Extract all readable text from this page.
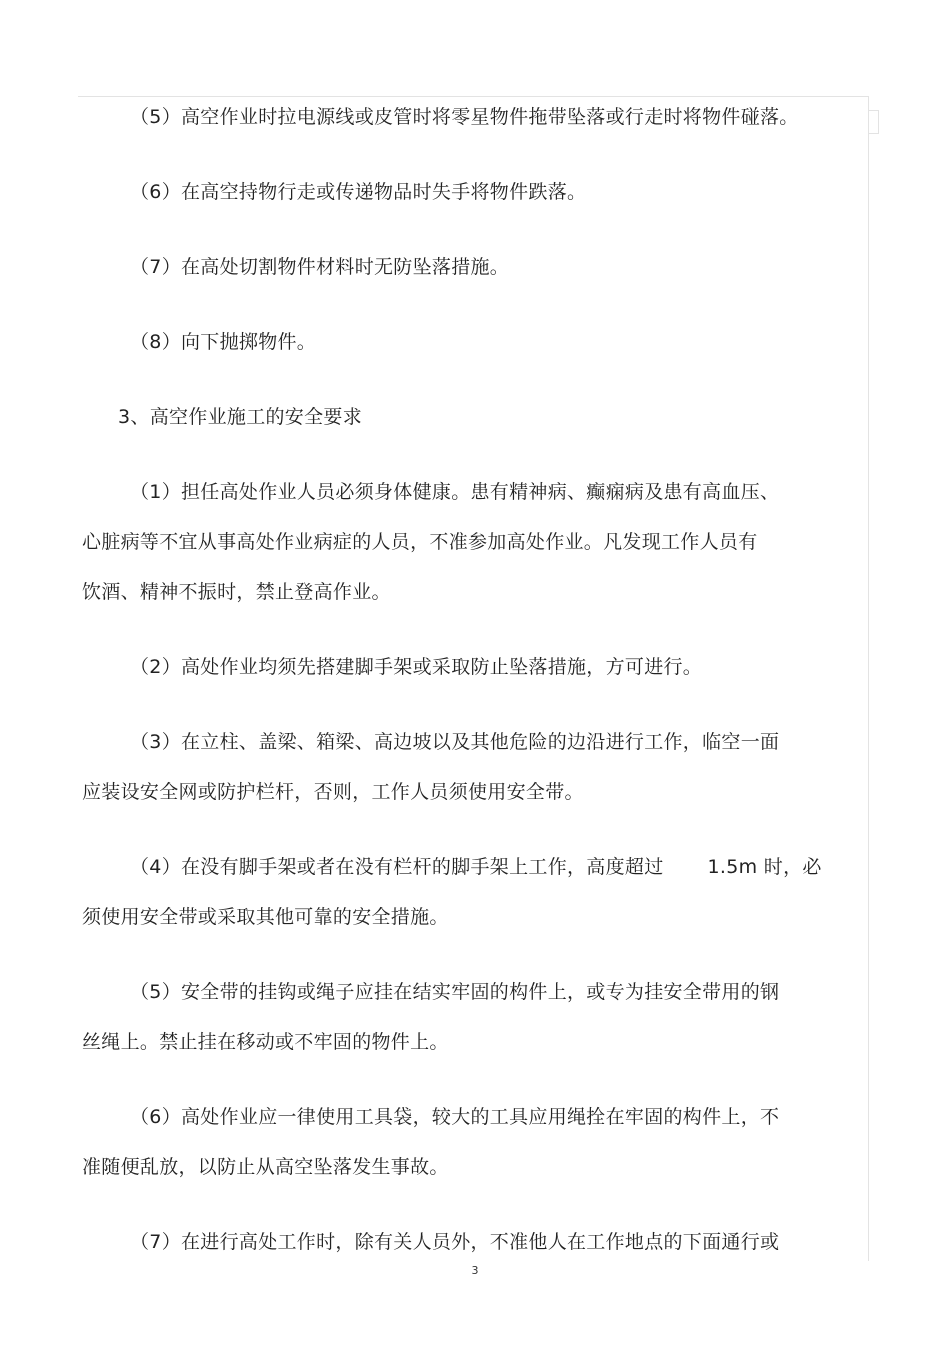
（5）高空作业时拉电源线或皮管时将零星物件拖带坠落或行走时将物件碰落。
（6）在高空持物行走或传递物品时失手将物件跌落。
（7）在高处切割物件材料时无防坠落措施。
（8）向下抛掷物件。
3、高空作业施工的安全要求
（1）担任高处作业人员必须身体健康。患有精神病、癫痫病及患有高血压、
心脏病等不宜从事高处作业病症的人员，不准参加高处作业。凡发现工作人员有
饮酒、精神不振时，禁止登高作业。
（2）高处作业均须先搭建脚手架或采取防止坠落措施，方可进行。
（3）在立柱、盖梁、箱梁、高边坡以及其他危险的边沿进行工作，临空一面
应装设安全网或防护栏杆，否则，工作人员须使用安全带。
（4）在没有脚手架或者在没有栏杆的脚手架上工作，高度超过 1.5m 时，必
须使用安全带或采取其他可靠的安全措施。
（5）安全带的挂钩或绳子应挂在结实牢固的构件上，或专为挂安全带用的钢
丝绳上。禁止挂在移动或不牢固的物件上。
（6）高处作业应一律使用工具袋，较大的工具应用绳拴在牢固的构件上，不
准随便乱放，以防止从高空坠落发生事故。
（7）在进行高处工作时，除有关人员外，不准他人在工作地点的下面通行或
3
